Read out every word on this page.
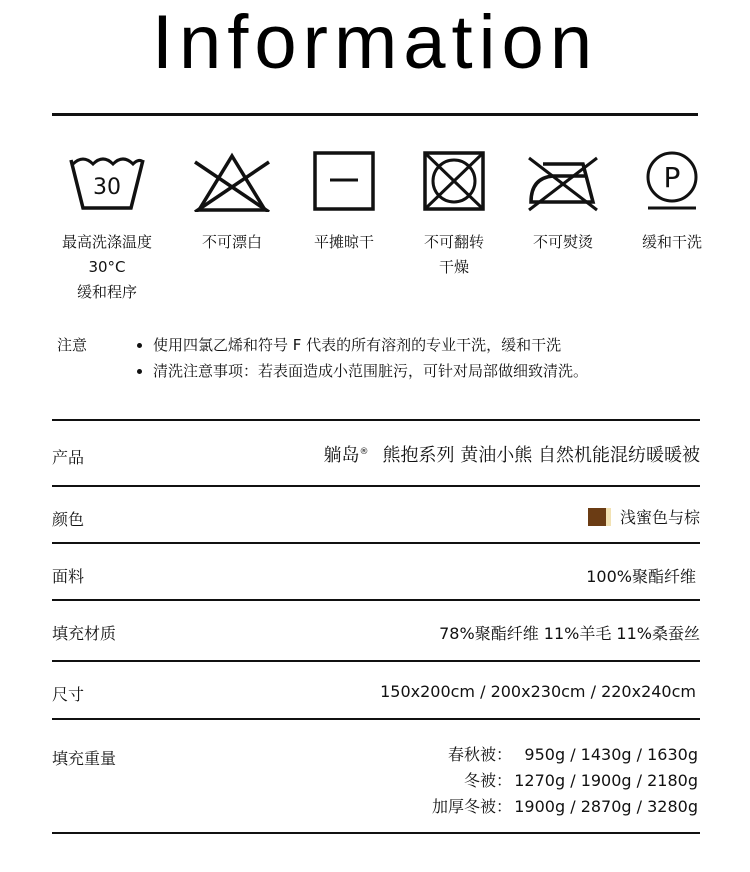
Information
30
最高洗涤温度
30°C
缓和程序
不可漂白	平摊晾干	不可翻转
干燥
不可熨烫
P
缓和干洗
注意
•	使用四氯乙烯和符号 F 代表的所有溶剂的专业干洗，缓和干洗
• 清洗注意事项：若表面造成小范围脏污，可针对局部做细致清洗。
产品	躺岛® 熊抱系列 黄油小熊 自然机能混纺暖暖被
颜色	浅蜜色与棕
面料	100%聚酯纤维
填充材质	78%聚酯纤维 11%羊毛 11%桑蚕丝
尺寸	150x200cm / 200x230cm / 220x240cm
填充重量	春秋被： 950g / 1430g / 1630g
冬被： 1270g / 1900g / 2180g
加厚冬被： 1900g / 2870g / 3280g
